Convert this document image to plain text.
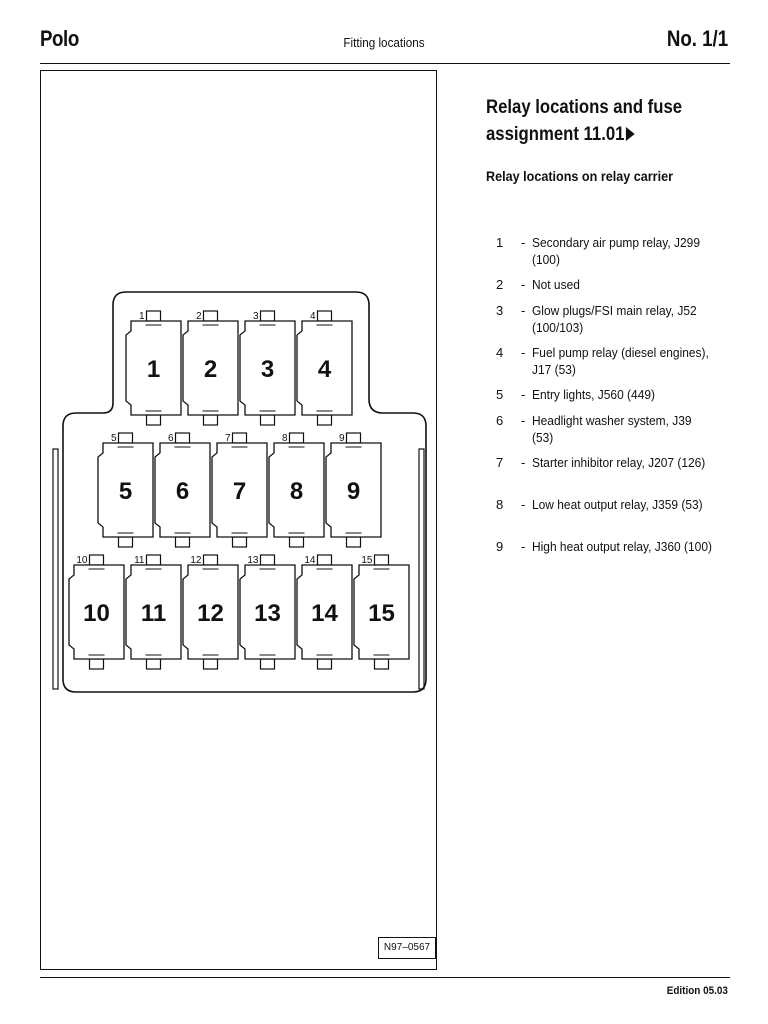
Polo	Fitting locations	No. 1/1
1
1
2
2
3
3
4
4
5
5
6
6
7
7
8
8
9
9
10
10
11
11
12
12
13
13
14
14
15
15
N97–0567
Relay locations and fuse assignment 11.01
Relay locations on relay carrier
1	- Secondary air pump relay, J299 (100)
2	- Not used
3	- Glow plugs/FSI main relay, J52 (100/103)
4	- Fuel pump relay (diesel engines), J17 (53)
5	- Entry lights, J560 (449)
6	- Headlight washer system, J39 (53)
7	- Starter inhibitor relay, J207 (126)
8	- Low heat output relay, J359 (53)
9	- High heat output relay, J360 (100)
Edition 05.03
